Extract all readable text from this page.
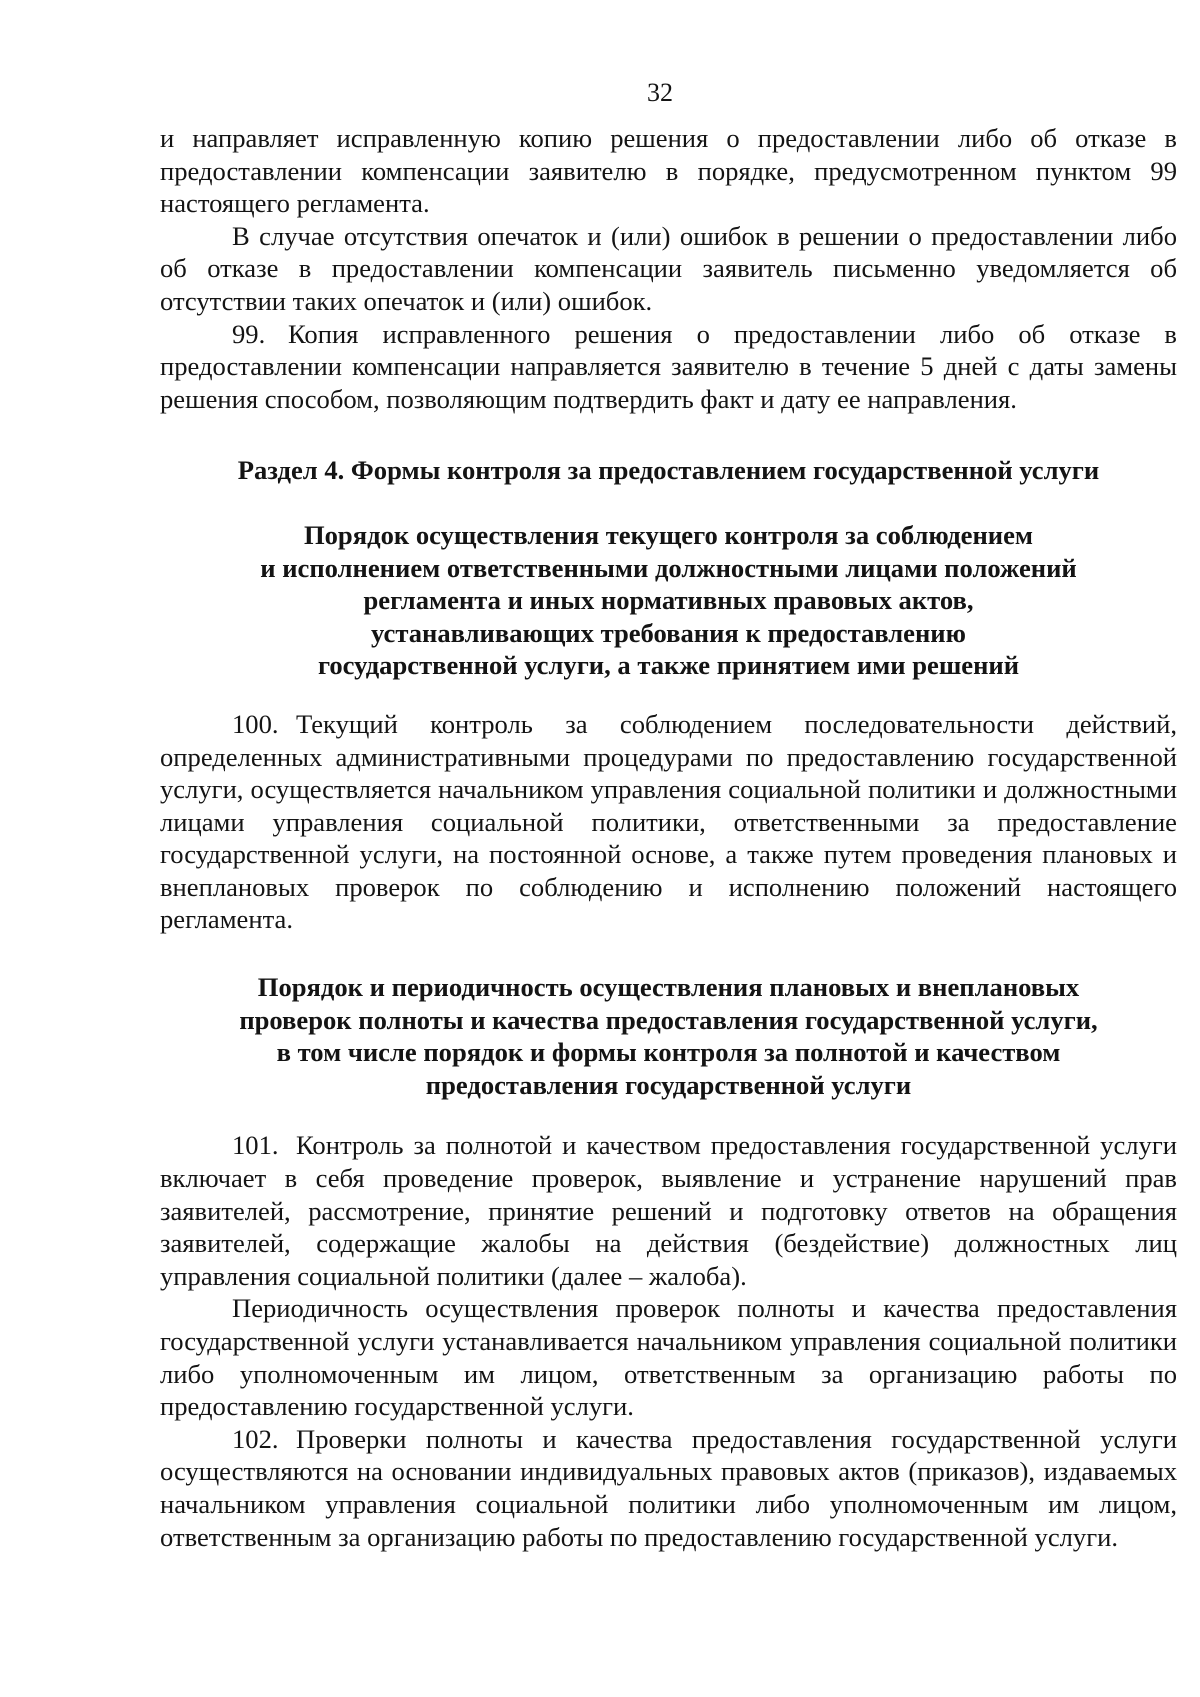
32

и направляет исправленную копию решения о предоставлении либо об отказе в предоставлении компенсации заявителю в порядке, предусмотренном пунктом 99 настоящего регламента.

В случае отсутствия опечаток и (или) ошибок в решении о предоставлении либо об отказе в предоставлении компенсации заявитель письменно уведомляется об отсутствии таких опечаток и (или) ошибок.

99. Копия исправленного решения о предоставлении либо об отказе в предоставлении компенсации направляется заявителю в течение 5 дней с даты замены решения способом, позволяющим подтвердить факт и дату ее направления.

Раздел 4. Формы контроля за предоставлением государственной услуги
Порядок осуществления текущего контроля за соблюдением
и исполнением ответственными должностными лицами положений
регламента и иных нормативных правовых актов,
устанавливающих требования к предоставлению
государственной услуги, а также принятием ими решений

100. Текущий контроль за соблюдением последовательности действий, определенных административными процедурами по предоставлению государственной услуги, осуществляется начальником управления социальной политики и должностными лицами управления социальной политики, ответственными за предоставление государственной услуги, на постоянной основе, а также путем проведения плановых и внеплановых проверок по соблюдению и исполнению положений настоящего регламента.

Порядок и периодичность осуществления плановых и внеплановых
проверок полноты и качества предоставления государственной услуги,
в том числе порядок и формы контроля за полнотой и качеством
предоставления государственной услуги

101. Контроль за полнотой и качеством предоставления государственной услуги включает в себя проведение проверок, выявление и устранение нарушений прав заявителей, рассмотрение, принятие решений и подготовку ответов на обращения заявителей, содержащие жалобы на действия (бездействие) должностных лиц управления социальной политики (далее – жалоба).

Периодичность осуществления проверок полноты и качества предоставления государственной услуги устанавливается начальником управления социальной политики либо уполномоченным им лицом, ответственным за организацию работы по предоставлению государственной услуги.

102. Проверки полноты и качества предоставления государственной услуги осуществляются на основании индивидуальных правовых актов (приказов), издаваемых начальником управления социальной политики либо уполномоченным им лицом, ответственным за организацию работы по предоставлению государственной услуги.
